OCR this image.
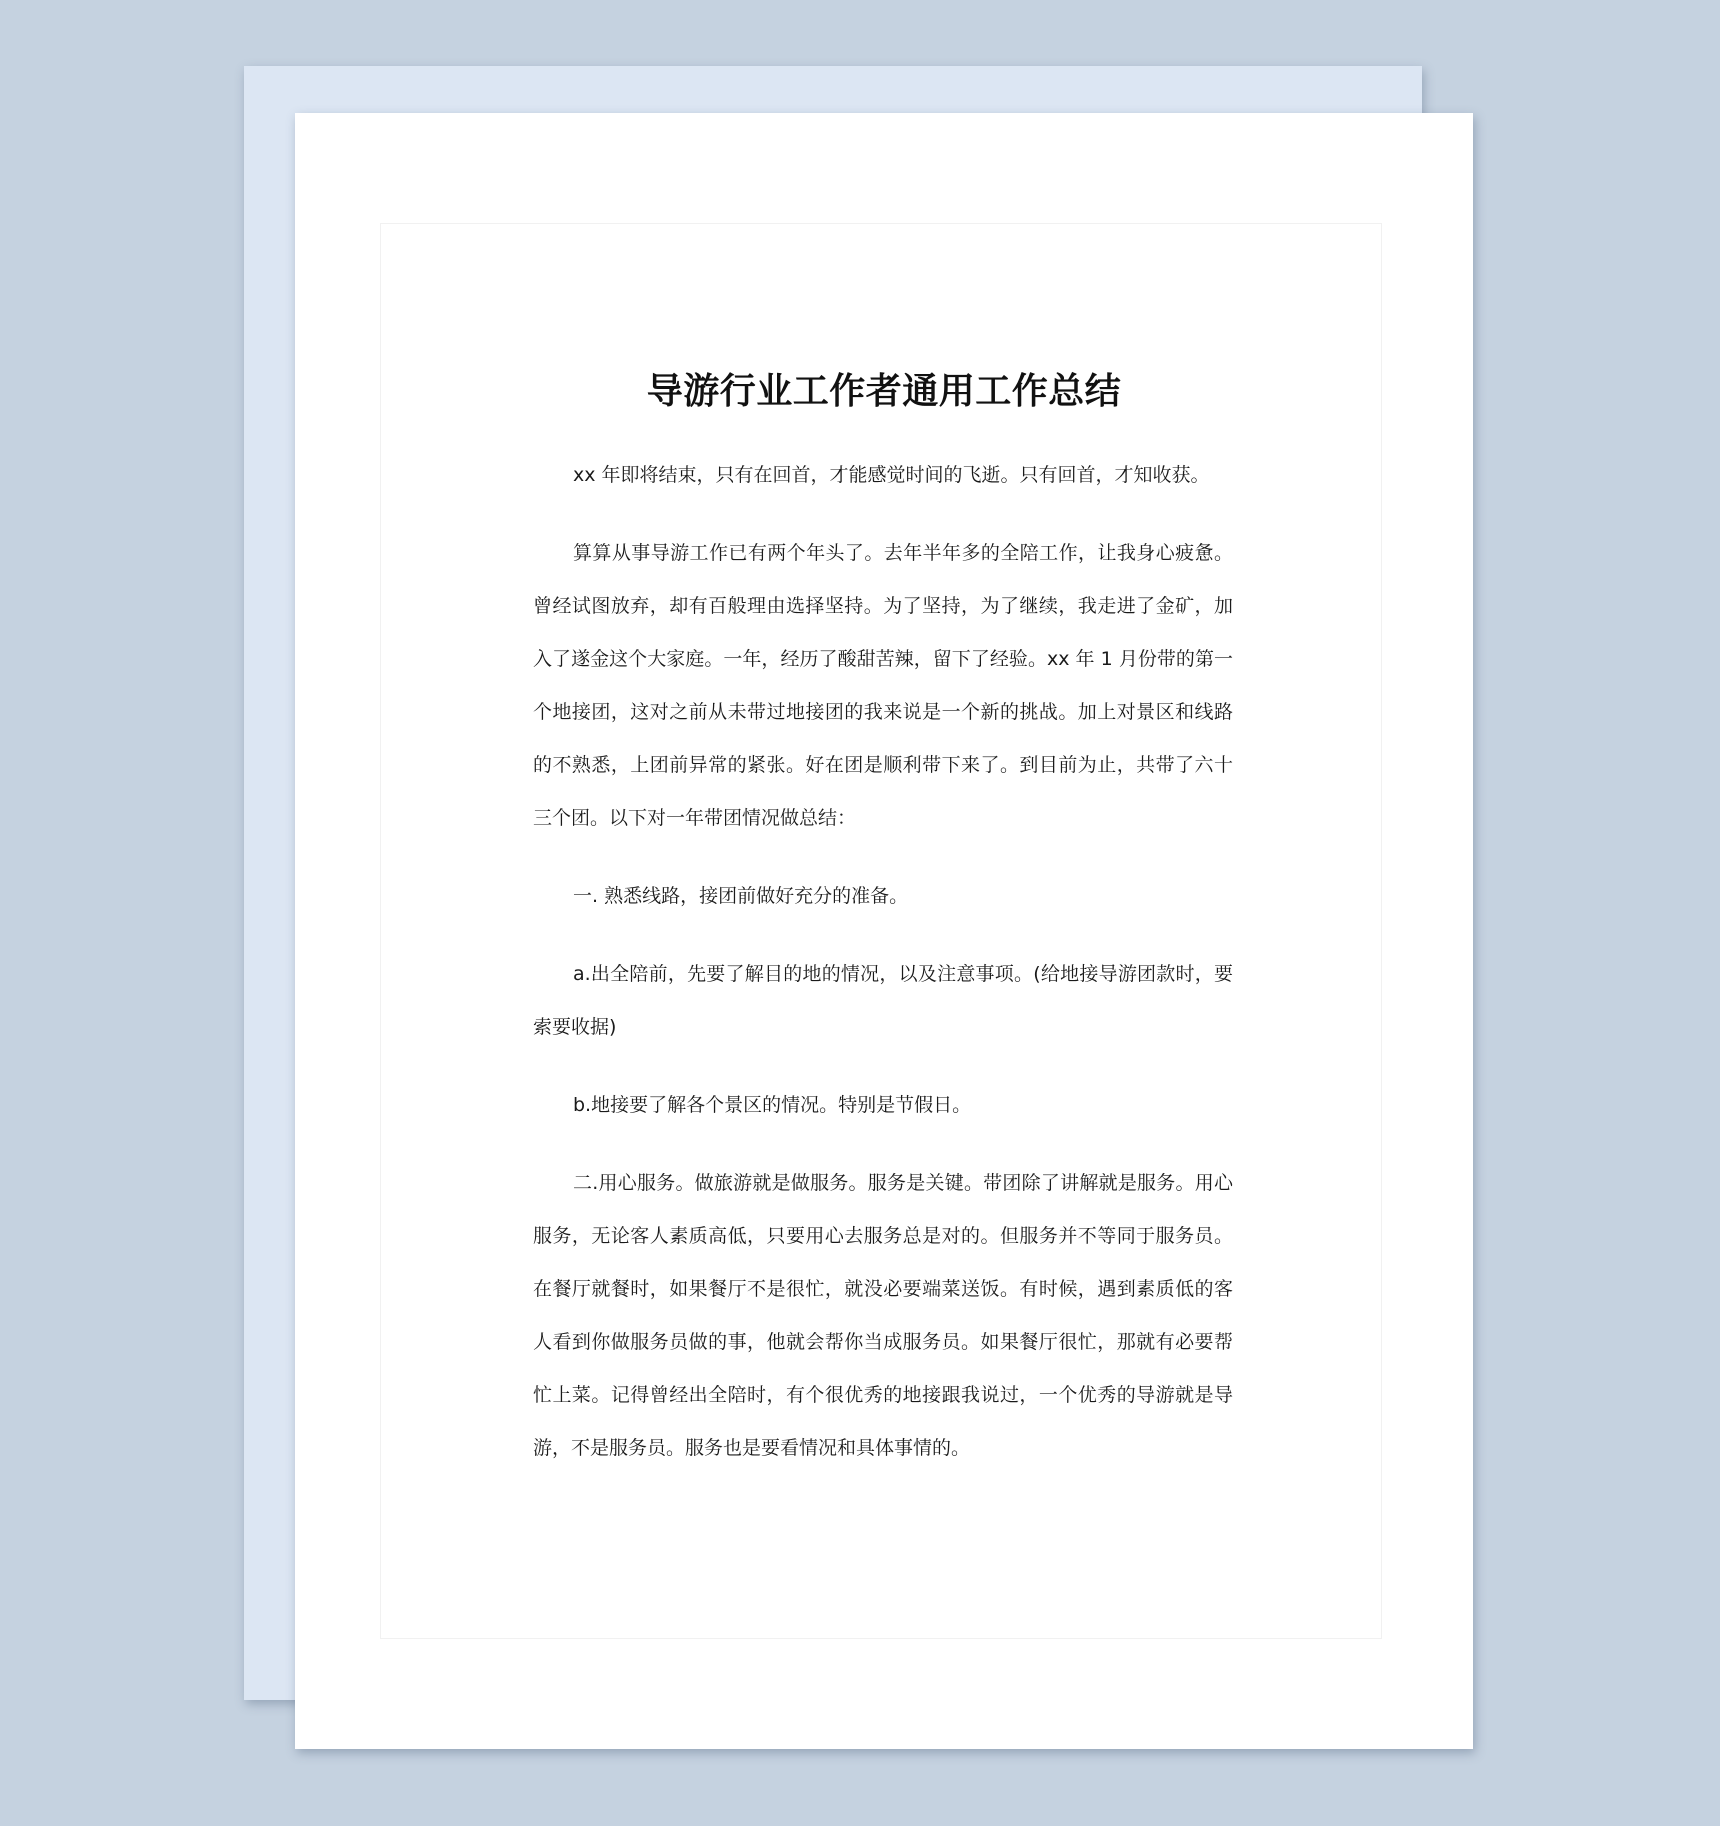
导游行业工作者通用工作总结

xx 年即将结束，只有在回首，才能感觉时间的飞逝。只有回首，才知收获。

算算从事导游工作已有两个年头了。去年半年多的全陪工作，让我身心疲惫。曾经试图放弃，却有百般理由选择坚持。为了坚持，为了继续，我走进了金矿，加入了遂金这个大家庭。一年，经历了酸甜苦辣，留下了经验。xx 年 1 月份带的第一个地接团，这对之前从未带过地接团的我来说是一个新的挑战。加上对景区和线路的不熟悉，上团前异常的紧张。好在团是顺利带下来了。到目前为止，共带了六十三个团。以下对一年带团情况做总结：

一. 熟悉线路，接团前做好充分的准备。

a.出全陪前，先要了解目的地的情况，以及注意事项。(给地接导游团款时，要索要收据)

b.地接要了解各个景区的情况。特别是节假日。

二.用心服务。做旅游就是做服务。服务是关键。带团除了讲解就是服务。用心服务，无论客人素质高低，只要用心去服务总是对的。但服务并不等同于服务员。在餐厅就餐时，如果餐厅不是很忙，就没必要端菜送饭。有时候，遇到素质低的客人看到你做服务员做的事，他就会帮你当成服务员。如果餐厅很忙，那就有必要帮忙上菜。记得曾经出全陪时，有个很优秀的地接跟我说过，一个优秀的导游就是导游，不是服务员。服务也是要看情况和具体事情的。
